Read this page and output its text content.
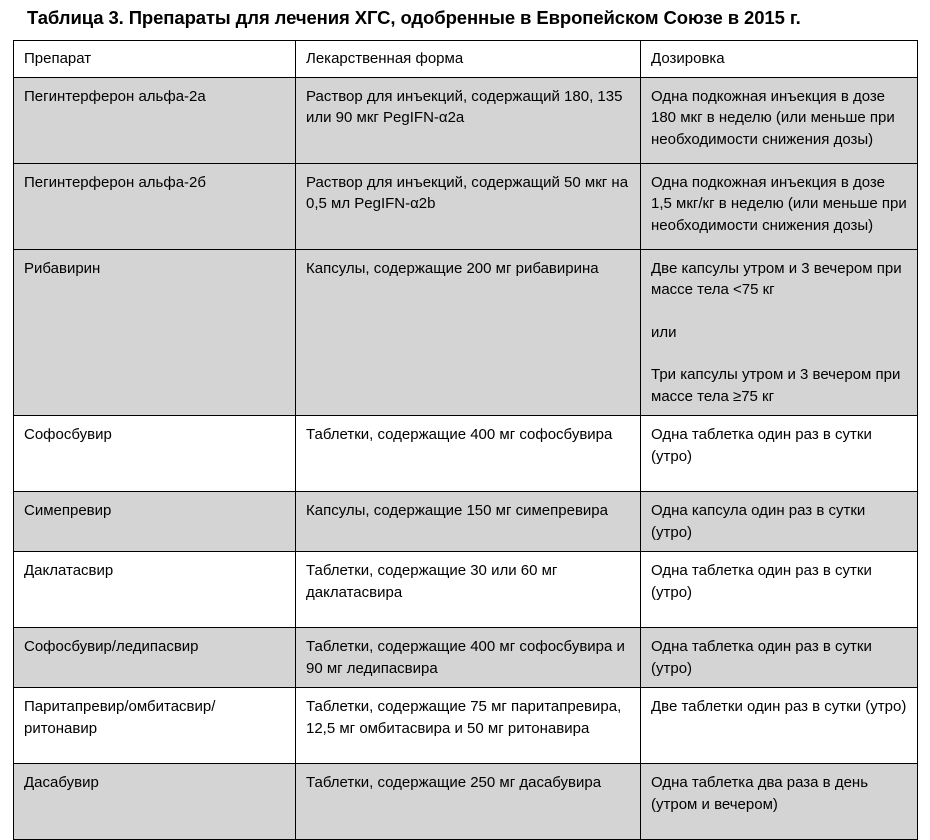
Таблица 3. Препараты для лечения ХГС, одобренные в Европейском Союзе в 2015 г.
Препарат	Лекарственная форма	Дозировка

Пегинтерферон альфа-2a	Раствор для инъекций, содержащий 180, 135 или 90 мкг PegIFN-α2a	Одна подкожная инъекция в дозе 180 мкг в неделю (или меньше при необходимости снижения дозы)

Пегинтерферон альфа-2б	Раствор для инъекций, содержащий 50 мкг на 0,5 мл PegIFN-α2b	Одна подкожная инъекция в дозе 1,5 мкг/кг в неделю (или меньше при необходимости снижения дозы)

Рибавирин	Капсулы, содержащие 200 мг рибавирина	Две капсулы утром и 3 вечером при массе тела <75 кг

или

Три капсулы утром и 3 вечером при массе тела ≥75 кг

Софосбувир	Таблетки, содержащие 400 мг софосбувира	Одна таблетка один раз в сутки (утро)

Симепревир	Капсулы, содержащие 150 мг симепревира	Одна капсула один раз в сутки (утро)

Даклатасвир	Таблетки, содержащие 30 или 60 мг даклатасвира	Одна таблетка один раз в сутки (утро)

Софосбувир/ледипасвир	Таблетки, содержащие 400 мг софосбувира и 90 мг ледипасвира	Одна таблетка один раз в сутки (утро)

Паритапревир/омбитасвир/ ритонавир	Таблетки, содержащие 75 мг паритапревира, 12,5 мг омбитасвира и 50 мг ритонавира	Две таблетки один раз в сутки (утро)

Дасабувир	Таблетки, содержащие 250 мг дасабувира	Одна таблетка два раза в день (утром и вечером)
